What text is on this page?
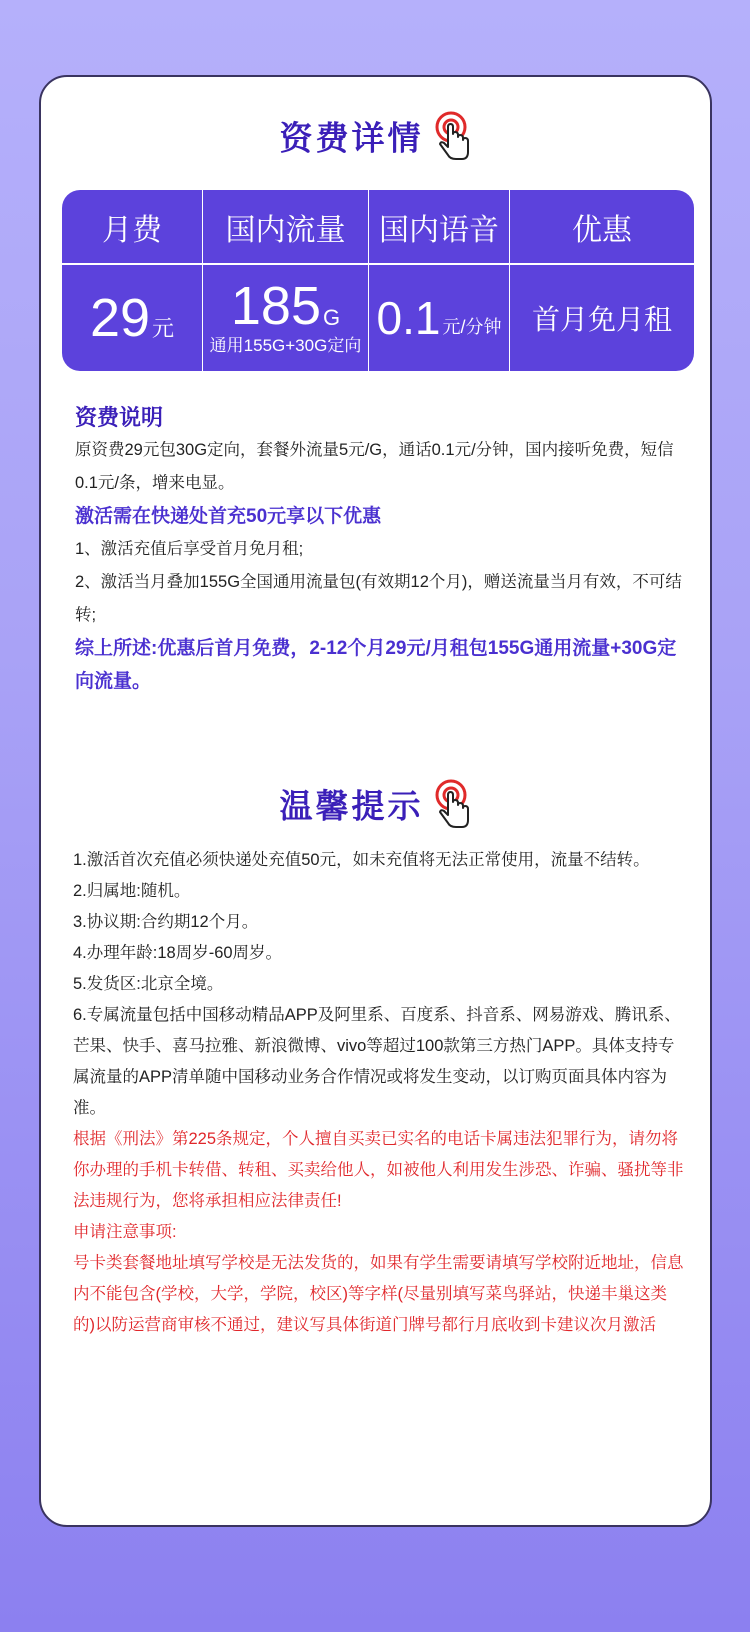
资费详情
月费
29 元
国内流量
185 G
通用155G+30G定向
国内语音
0.1 元/分钟
优惠
首月免月租
资费说明
原资费29元包30G定向，套餐外流量5元/G，通话0.1元/分钟，国内接听免费，短信0.1元/条，增来电显。
激活需在快递处首充50元享以下优惠
1、激活充值后享受首月免月租;
2、激活当月叠加155G全国通用流量包(有效期12个月)，赠送流量当月有效，不可结转;
综上所述:优惠后首月免费，2-12个月29元/月租包155G通用流量+30G定向流量。
温馨提示
1.激活首次充值必须快递处充值50元，如未充值将无法正常使用，流量不结转。
2.归属地:随机。
3.协议期:合约期12个月。
4.办理年龄:18周岁-60周岁。
5.发货区:北京全境。
6.专属流量包括中国移动精品APP及阿里系、百度系、抖音系、网易游戏、腾讯系、芒果、快手、喜马拉雅、新浪微博、vivo等超过100款第三方热门APP。具体支持专属流量的APP清单随中国移动业务合作情况或将发生变动，以订购页面具体内容为准。
根据《刑法》第225条规定，个人擅自买卖已实名的电话卡属违法犯罪行为，请勿将你办理的手机卡转借、转租、买卖给他人，如被他人利用发生涉恐、诈骗、骚扰等非法违规行为，您将承担相应法律责任!
申请注意事项:
号卡类套餐地址填写学校是无法发货的，如果有学生需要请填写学校附近地址，信息内不能包含(学校，大学，学院，校区)等字样(尽量别填写菜鸟驿站，快递丰巢这类的)以防运营商审核不通过，建议写具体街道门牌号都行月底收到卡建议次月激活
